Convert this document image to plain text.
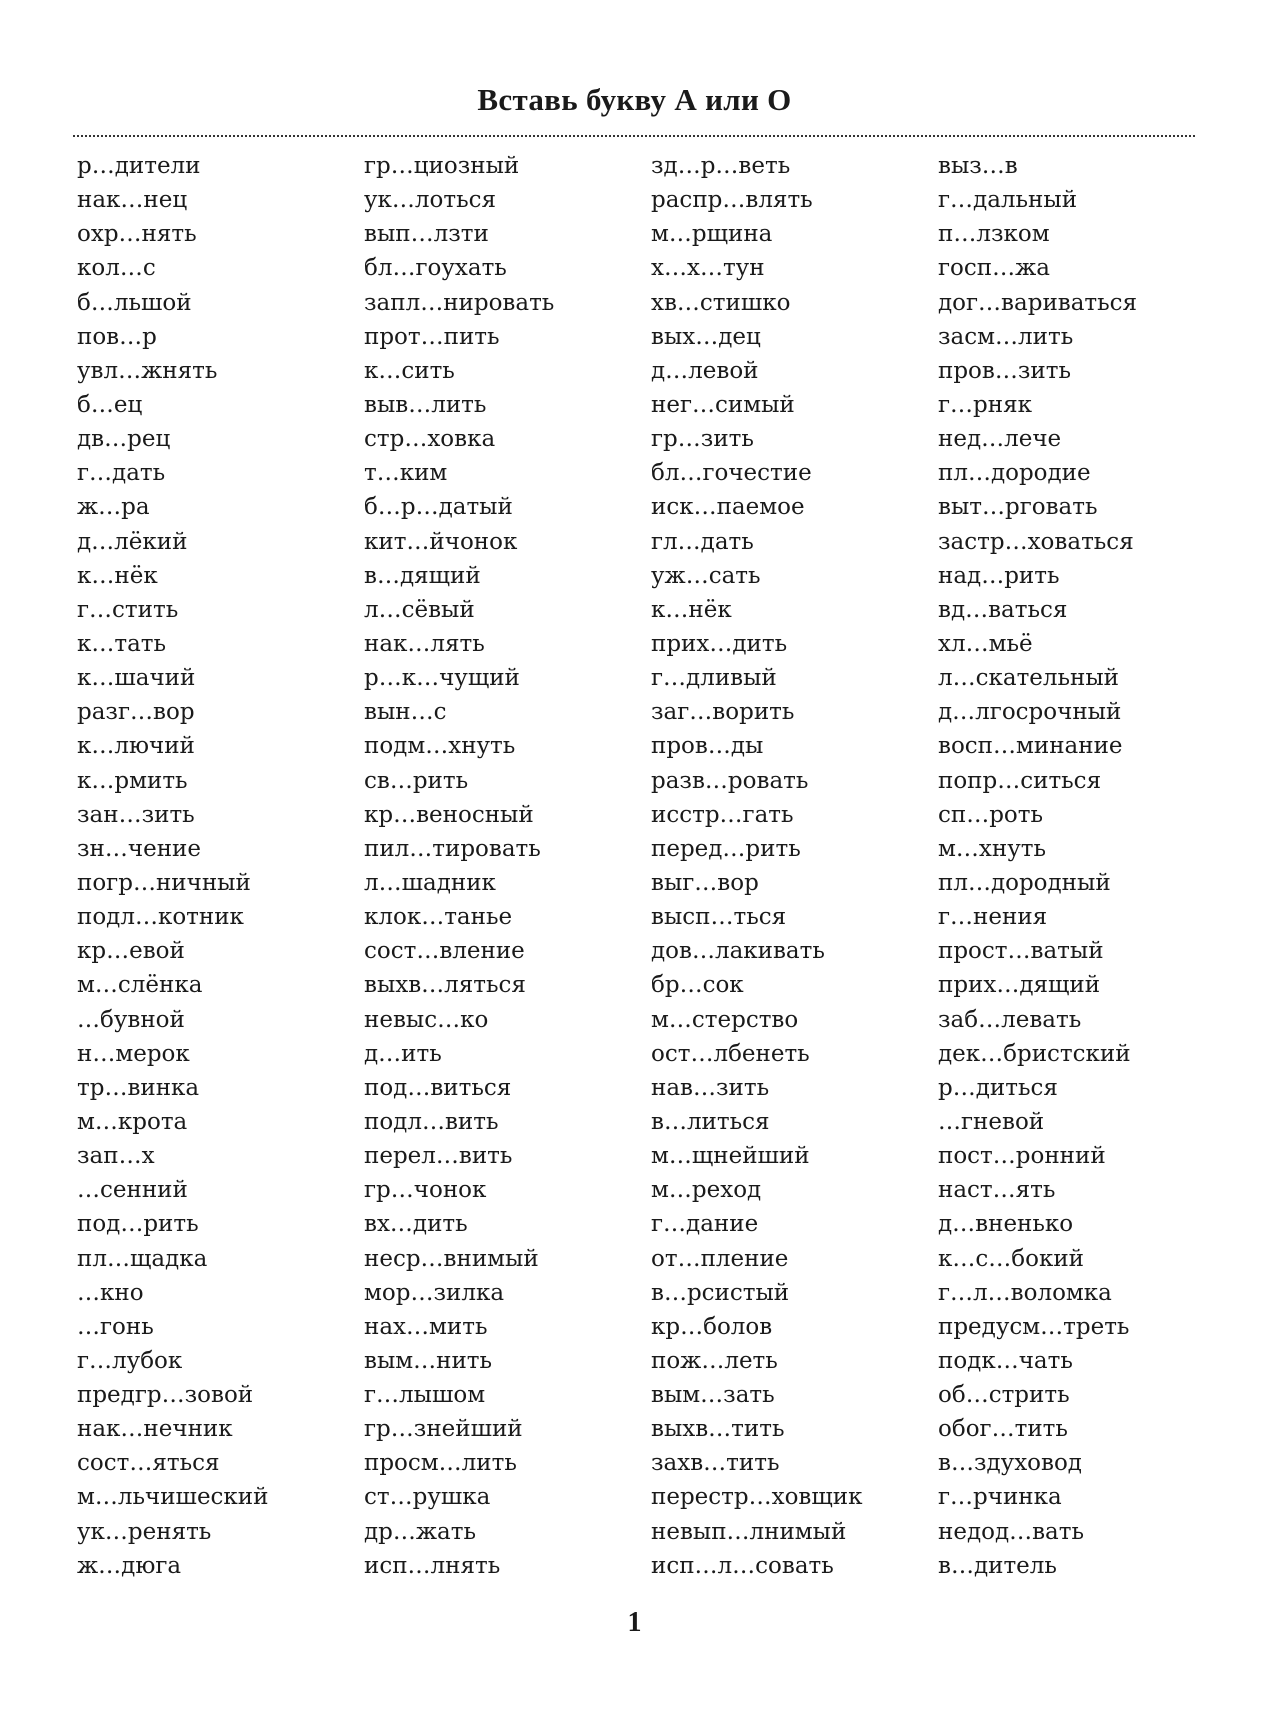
Вставь букву А или О
р…дители
нак…нец
охр…нять
кол…с
б…льшой
пов…р
увл…жнять
б…ец
дв…рец
г…дать
ж…ра
д…лёкий
к…нёк
г…стить
к…тать
к…шачий
разг…вор
к…лючий
к…рмить
зан…зить
зн…чение
погр…ничный
подл…котник
кр…евой
м…слёнка
…бувной
н…мерок
тр…винка
м…крота
зап…х
…сенний
под…рить
пл…щадка
…кно
…гонь
г…лубок
предгр…зовой
нак…нечник
сост…яться
м…льчишеский
ук…ренять
ж…дюга
гр…циозный
ук…лоться
вып…лзти
бл…гоухать
запл…нировать
прот…пить
к…сить
выв…лить
стр…ховка
т…ким
б…р…датый
кит…йчонок
в…дящий
л…сёвый
нак…лять
р…к…чущий
вын…с
подм…хнуть
св…рить
кр…веносный
пил…тировать
л…шадник
клок…танье
сост…вление
выхв…ляться
невыс…ко
д…ить
под…виться
подл…вить
перел…вить
гр…чонок
вх…дить
неср…внимый
мор…зилка
нах…мить
вым…нить
г…лышом
гр…знейший
просм…лить
ст…рушка
др…жать
исп…лнять
зд…р…веть
распр…влять
м…рщина
х…х…тун
хв…стишко
вых…дец
д…левой
нег…симый
гр…зить
бл…гочестие
иск…паемое
гл…дать
уж…сать
к…нёк
прих…дить
г…дливый
заг…ворить
пров…ды
разв…ровать
исстр…гать
перед…рить
выг…вор
высп…ться
дов…лакивать
бр…сок
м…стерство
ост…лбенеть
нав…зить
в…литься
м…щнейший
м…реход
г…дание
от…пление
в…рсистый
кр…болов
пож…леть
вым…зать
выхв…тить
захв…тить
перестр…ховщик
невып…лнимый
исп…л…совать
выз…в
г…дальный
п…лзком
госп…жа
дог…вариваться
засм…лить
пров…зить
г…рняк
нед…лече
пл…дородие
выт…рговать
застр…ховаться
над…рить
вд…ваться
хл…мьё
л…скательный
д…лгосрочный
восп…минание
попр…ситься
сп…роть
м…хнуть
пл…дородный
г…нения
прост…ватый
прих…дящий
заб…левать
дек…бристский
р…диться
…гневой
пост…ронний
наст…ять
д…вненько
к…с…бокий
г…л…воломка
предусм…треть
подк…чать
об…стрить
обог…тить
в…здуховод
г…рчинка
недод…вать
в…дитель
1
